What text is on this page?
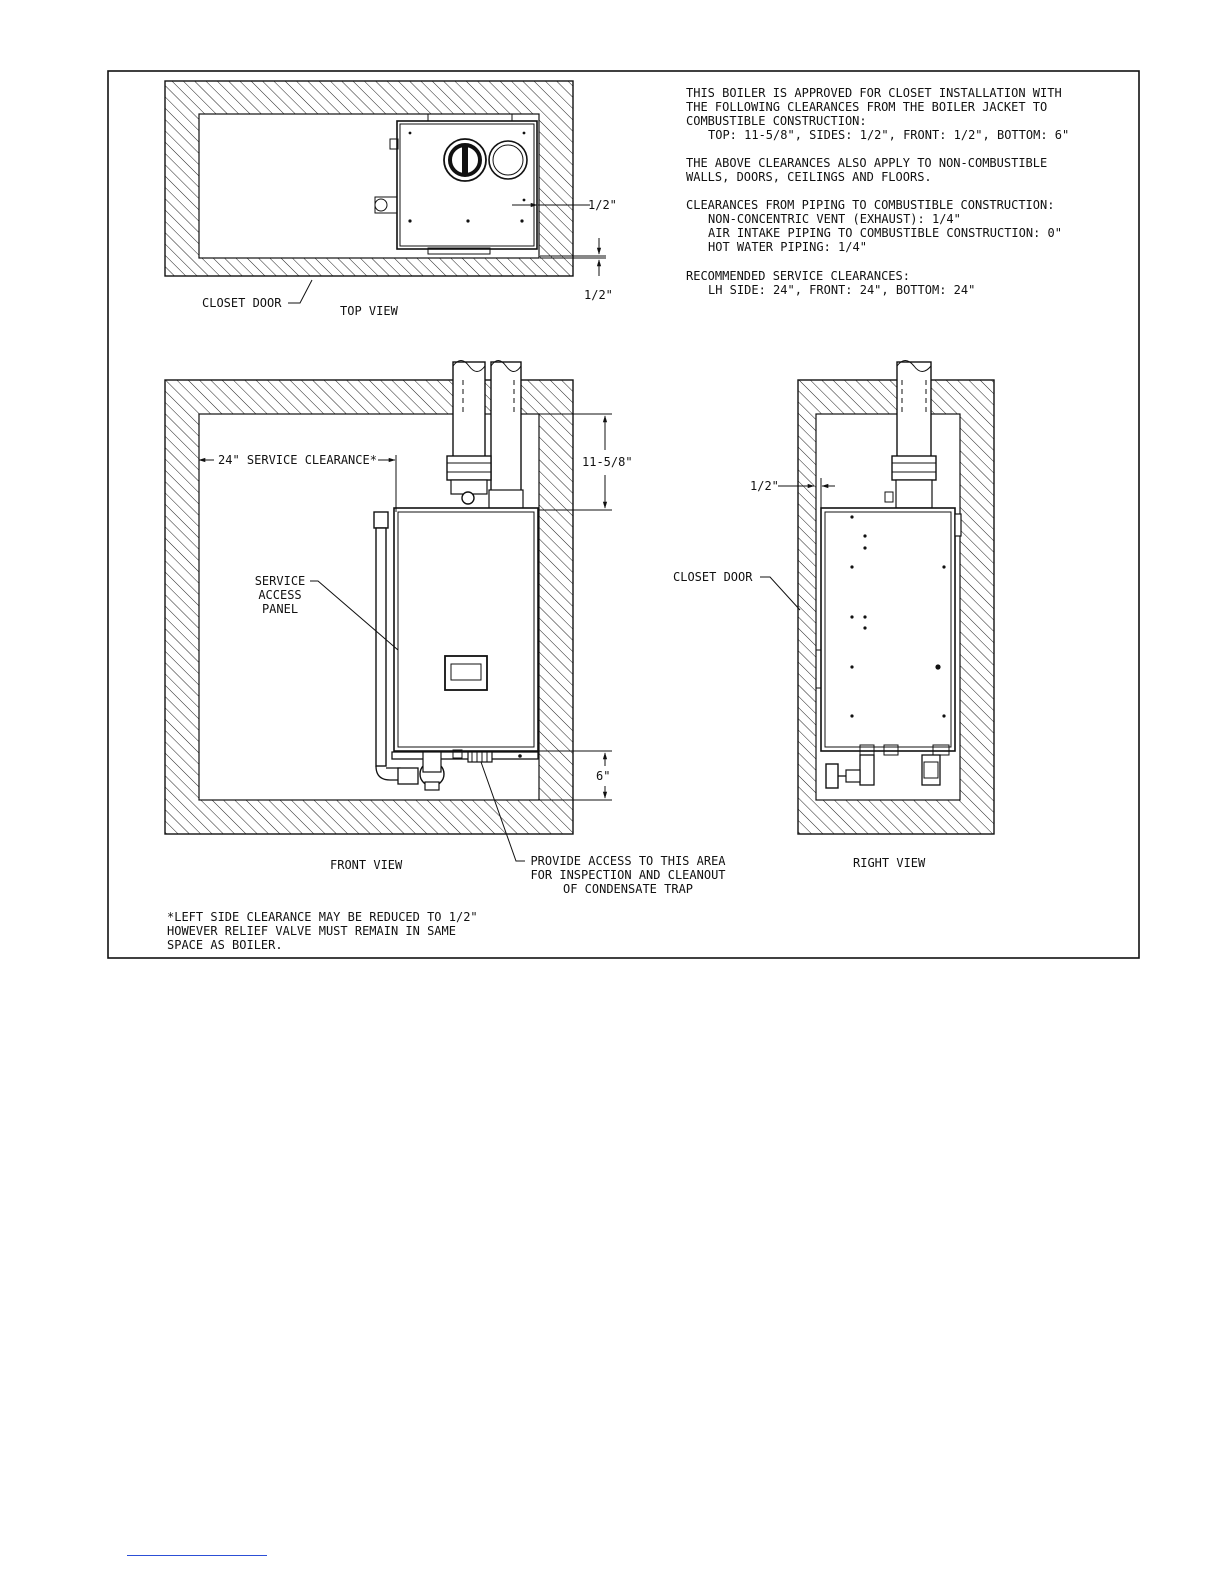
1/2"
1/2"
CLOSET DOOR
TOP VIEW
THIS BOILER IS APPROVED FOR CLOSET INSTALLATION WITH
THE FOLLOWING CLEARANCES FROM THE BOILER JACKET TO
COMBUSTIBLE CONSTRUCTION:
TOP: 11-5/8", SIDES: 1/2", FRONT: 1/2", BOTTOM: 6"
THE ABOVE CLEARANCES ALSO APPLY TO NON-COMBUSTIBLE
WALLS, DOORS, CEILINGS AND FLOORS.
CLEARANCES FROM PIPING TO COMBUSTIBLE CONSTRUCTION:
NON-CONCENTRIC VENT (EXHAUST): 1/4"
AIR INTAKE PIPING TO COMBUSTIBLE CONSTRUCTION: 0"
HOT WATER PIPING: 1/4"
RECOMMENDED SERVICE CLEARANCES:
LH SIDE: 24", FRONT: 24", BOTTOM: 24"
24" SERVICE CLEARANCE*	11-5/8"
6"
SERVICE
ACCESS
PANEL
PROVIDE ACCESS TO THIS AREA
FOR INSPECTION AND CLEANOUT
OF CONDENSATE TRAP
FRONT VIEW
1/2"
CLOSET DOOR
RIGHT VIEW
*LEFT SIDE CLEARANCE MAY BE REDUCED TO 1/2"
HOWEVER RELIEF VALVE MUST REMAIN IN SAME
SPACE AS BOILER.
